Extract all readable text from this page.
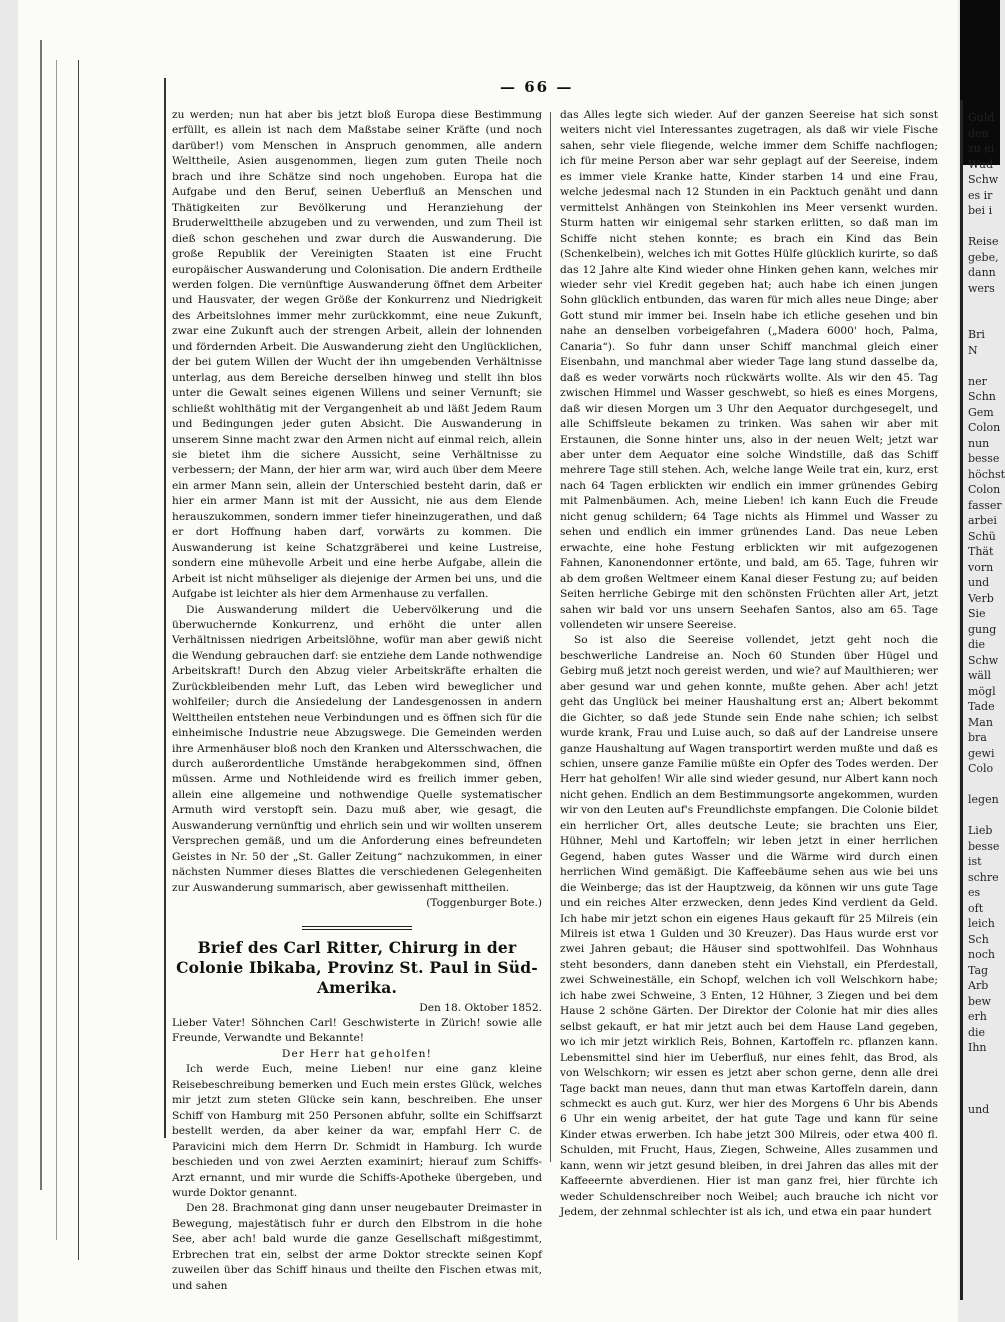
Guld
den
zu ei
Wud
Schw
es ir
bei i
Reise
gebe,
dann
wers
Bri
N
ner
Schn
Gem
Colon
nun
besse
höchst
Colon
fasser
arbei
Schü
Thät
vorn
und
Verb
Sie
gung
die
Schw
wäll
mögl
Tade
Man
bra
gewi
Colo
legen
Lieb
besse
ist
schre
es
oft
leich
Sch
noch
Tag
Arb
bew
erh
die
Ihn
und
— 66 —

zu werden; nun hat aber bis jetzt bloß Europa diese Bestimmung erfüllt, es allein ist nach dem Maßstabe seiner Kräfte (und noch darüber!) vom Menschen in Anspruch genommen, alle andern Welttheile, Asien ausgenommen, liegen zum guten Theile noch brach und ihre Schätze sind noch ungehoben. Europa hat die Aufgabe und den Beruf, seinen Ueberfluß an Menschen und Thätigkeiten zur Bevölkerung und Heranziehung der Bruderwelttheile abzugeben und zu verwenden, und zum Theil ist dieß schon geschehen und zwar durch die Auswanderung. Die große Republik der Vereinigten Staaten ist eine Frucht europäischer Auswanderung und Colonisation. Die andern Erdtheile werden folgen. Die vernünftige Auswanderung öffnet dem Arbeiter und Hausvater, der wegen Größe der Konkurrenz und Niedrigkeit des Arbeitslohnes immer mehr zurückkommt, eine neue Zukunft, zwar eine Zukunft auch der strengen Arbeit, allein der lohnenden und fördernden Arbeit. Die Auswanderung zieht den Unglücklichen, der bei gutem Willen der Wucht der ihn umgebenden Verhältnisse unterlag, aus dem Bereiche derselben hinweg und stellt ihn blos unter die Gewalt seines eigenen Willens und seiner Vernunft; sie schließt wohlthätig mit der Vergangenheit ab und läßt Jedem Raum und Bedingungen jeder guten Absicht. Die Auswanderung in unserem Sinne macht zwar den Armen nicht auf einmal reich, allein sie bietet ihm die sichere Aussicht, seine Verhältnisse zu verbessern; der Mann, der hier arm war, wird auch über dem Meere ein armer Mann sein, allein der Unterschied besteht darin, daß er hier ein armer Mann ist mit der Aussicht, nie aus dem Elende herauszukommen, sondern immer tiefer hineinzugerathen, und daß er dort Hoffnung haben darf, vorwärts zu kommen. Die Auswanderung ist keine Schatzgräberei und keine Lustreise, sondern eine mühevolle Arbeit und eine herbe Aufgabe, allein die Arbeit ist nicht mühseliger als diejenige der Armen bei uns, und die Aufgabe ist leichter als hier dem Armenhause zu verfallen.

Die Auswanderung mildert die Uebervölkerung und die überwuchernde Konkurrenz, und erhöht die unter allen Verhältnissen niedrigen Arbeitslöhne, wofür man aber gewiß nicht die Wendung gebrauchen darf: sie entziehe dem Lande nothwendige Arbeitskraft! Durch den Abzug vieler Arbeitskräfte erhalten die Zurückbleibenden mehr Luft, das Leben wird beweglicher und wohlfeiler; durch die Ansiedelung der Landesgenossen in andern Welttheilen entstehen neue Verbindungen und es öffnen sich für die einheimische Industrie neue Abzugswege. Die Gemeinden werden ihre Armenhäuser bloß noch den Kranken und Altersschwachen, die durch außerordentliche Umstände herabgekommen sind, öffnen müssen. Arme und Nothleidende wird es freilich immer geben, allein eine allgemeine und nothwendige Quelle systematischer Armuth wird verstopft sein. Dazu muß aber, wie gesagt, die Auswanderung vernünftig und ehrlich sein und wir wollten unserem Versprechen gemäß, und um die Anforderung eines befreundeten Geistes in Nr. 50 der „St. Galler Zeitung“ nachzukommen, in einer nächsten Nummer dieses Blattes die verschiedenen Gelegenheiten zur Auswanderung summarisch, aber gewissenhaft mittheilen.

(Toggenburger Bote.)

Brief des Carl Ritter, Chirurg in der Colonie Ibikaba, Provinz St. Paul in Süd-Amerika.

Den 18. Oktober 1852.

Lieber Vater! Söhnchen Carl! Geschwisterte in Zürich! sowie alle Freunde, Verwandte und Bekannte!

Der Herr hat geholfen!

Ich werde Euch, meine Lieben! nur eine ganz kleine Reisebeschreibung bemerken und Euch mein erstes Glück, welches mir jetzt zum steten Glücke sein kann, beschreiben. Ehe unser Schiff von Hamburg mit 250 Personen abfuhr, sollte ein Schiffsarzt bestellt werden, da aber keiner da war, empfahl Herr C. de Paravicini mich dem Herrn Dr. Schmidt in Hamburg. Ich wurde beschieden und von zwei Aerzten examinirt; hierauf zum Schiffs-Arzt ernannt, und mir wurde die Schiffs-Apotheke übergeben, und wurde Doktor genannt.

Den 28. Brachmonat ging dann unser neugebauter Dreimaster in Bewegung, majestätisch fuhr er durch den Elbstrom in die hohe See, aber ach! bald wurde die ganze Gesellschaft mißgestimmt, Erbrechen trat ein, selbst der arme Doktor streckte seinen Kopf zuweilen über das Schiff hinaus und theilte den Fischen etwas mit, und sahen

das Alles legte sich wieder. Auf der ganzen Seereise hat sich sonst weiters nicht viel Interessantes zugetragen, als daß wir viele Fische sahen, sehr viele fliegende, welche immer dem Schiffe nachflogen; ich für meine Person aber war sehr geplagt auf der Seereise, indem es immer viele Kranke hatte, Kinder starben 14 und eine Frau, welche jedesmal nach 12 Stunden in ein Packtuch genäht und dann vermittelst Anhängen von Steinkohlen ins Meer versenkt wurden. Sturm hatten wir einigemal sehr starken erlitten, so daß man im Schiffe nicht stehen konnte; es brach ein Kind das Bein (Schenkelbein), welches ich mit Gottes Hülfe glücklich kurirte, so daß das 12 Jahre alte Kind wieder ohne Hinken gehen kann, welches mir wieder sehr viel Kredit gegeben hat; auch habe ich einen jungen Sohn glücklich entbunden, das waren für mich alles neue Dinge; aber Gott stund mir immer bei. Inseln habe ich etliche gesehen und bin nahe an denselben vorbeigefahren („Madera 6000' hoch, Palma, Canaria“). So fuhr dann unser Schiff manchmal gleich einer Eisenbahn, und manchmal aber wieder Tage lang stund dasselbe da, daß es weder vorwärts noch rückwärts wollte. Als wir den 45. Tag zwischen Himmel und Wasser geschwebt, so hieß es eines Morgens, daß wir diesen Morgen um 3 Uhr den Aequator durchgesegelt, und alle Schiffsleute bekamen zu trinken. Was sahen wir aber mit Erstaunen, die Sonne hinter uns, also in der neuen Welt; jetzt war aber unter dem Aequator eine solche Windstille, daß das Schiff mehrere Tage still stehen. Ach, welche lange Weile trat ein, kurz, erst nach 64 Tagen erblickten wir endlich ein immer grünendes Gebirg mit Palmenbäumen. Ach, meine Lieben! ich kann Euch die Freude nicht genug schildern; 64 Tage nichts als Himmel und Wasser zu sehen und endlich ein immer grünendes Land. Das neue Leben erwachte, eine hohe Festung erblickten wir mit aufgezogenen Fahnen, Kanonendonner ertönte, und bald, am 65. Tage, fuhren wir ab dem großen Weltmeer einem Kanal dieser Festung zu; auf beiden Seiten herrliche Gebirge mit den schönsten Früchten aller Art, jetzt sahen wir bald vor uns unsern Seehafen Santos, also am 65. Tage vollendeten wir unsere Seereise.

So ist also die Seereise vollendet, jetzt geht noch die beschwerliche Landreise an. Noch 60 Stunden über Hügel und Gebirg muß jetzt noch gereist werden, und wie? auf Maulthieren; wer aber gesund war und gehen konnte, mußte gehen. Aber ach! jetzt geht das Unglück bei meiner Haushaltung erst an; Albert bekommt die Gichter, so daß jede Stunde sein Ende nahe schien; ich selbst wurde krank, Frau und Luise auch, so daß auf der Landreise unsere ganze Haushaltung auf Wagen transportirt werden mußte und daß es schien, unsere ganze Familie müßte ein Opfer des Todes werden. Der Herr hat geholfen! Wir alle sind wieder gesund, nur Albert kann noch nicht gehen. Endlich an dem Bestimmungsorte angekommen, wurden wir von den Leuten auf's Freundlichste empfangen. Die Colonie bildet ein herrlicher Ort, alles deutsche Leute; sie brachten uns Eier, Hühner, Mehl und Kartoffeln; wir leben jetzt in einer herrlichen Gegend, haben gutes Wasser und die Wärme wird durch einen herrlichen Wind gemäßigt. Die Kaffeebäume sehen aus wie bei uns die Weinberge; das ist der Hauptzweig, da können wir uns gute Tage und ein reiches Alter erzwecken, denn jedes Kind verdient da Geld. Ich habe mir jetzt schon ein eigenes Haus gekauft für 25 Milreis (ein Milreis ist etwa 1 Gulden und 30 Kreuzer). Das Haus wurde erst vor zwei Jahren gebaut; die Häuser sind spottwohlfeil. Das Wohnhaus steht besonders, dann daneben steht ein Viehstall, ein Pferdestall, zwei Schweineställe, ein Schopf, welchen ich voll Welschkorn habe; ich habe zwei Schweine, 3 Enten, 12 Hühner, 3 Ziegen und bei dem Hause 2 schöne Gärten. Der Direktor der Colonie hat mir dies alles selbst gekauft, er hat mir jetzt auch bei dem Hause Land gegeben, wo ich mir jetzt wirklich Reis, Bohnen, Kartoffeln rc. pflanzen kann. Lebensmittel sind hier im Ueberfluß, nur eines fehlt, das Brod, als von Welschkorn; wir essen es jetzt aber schon gerne, denn alle drei Tage backt man neues, dann thut man etwas Kartoffeln darein, dann schmeckt es auch gut. Kurz, wer hier des Morgens 6 Uhr bis Abends 6 Uhr ein wenig arbeitet, der hat gute Tage und kann für seine Kinder etwas erwerben. Ich habe jetzt 300 Milreis, oder etwa 400 fl. Schulden, mit Frucht, Haus, Ziegen, Schweine, Alles zusammen und kann, wenn wir jetzt gesund bleiben, in drei Jahren das alles mit der Kaffeeernte abverdienen. Hier ist man ganz frei, hier fürchte ich weder Schuldenschreiber noch Weibel; auch brauche ich nicht vor Jedem, der zehnmal schlechter ist als ich, und etwa ein paar hundert
